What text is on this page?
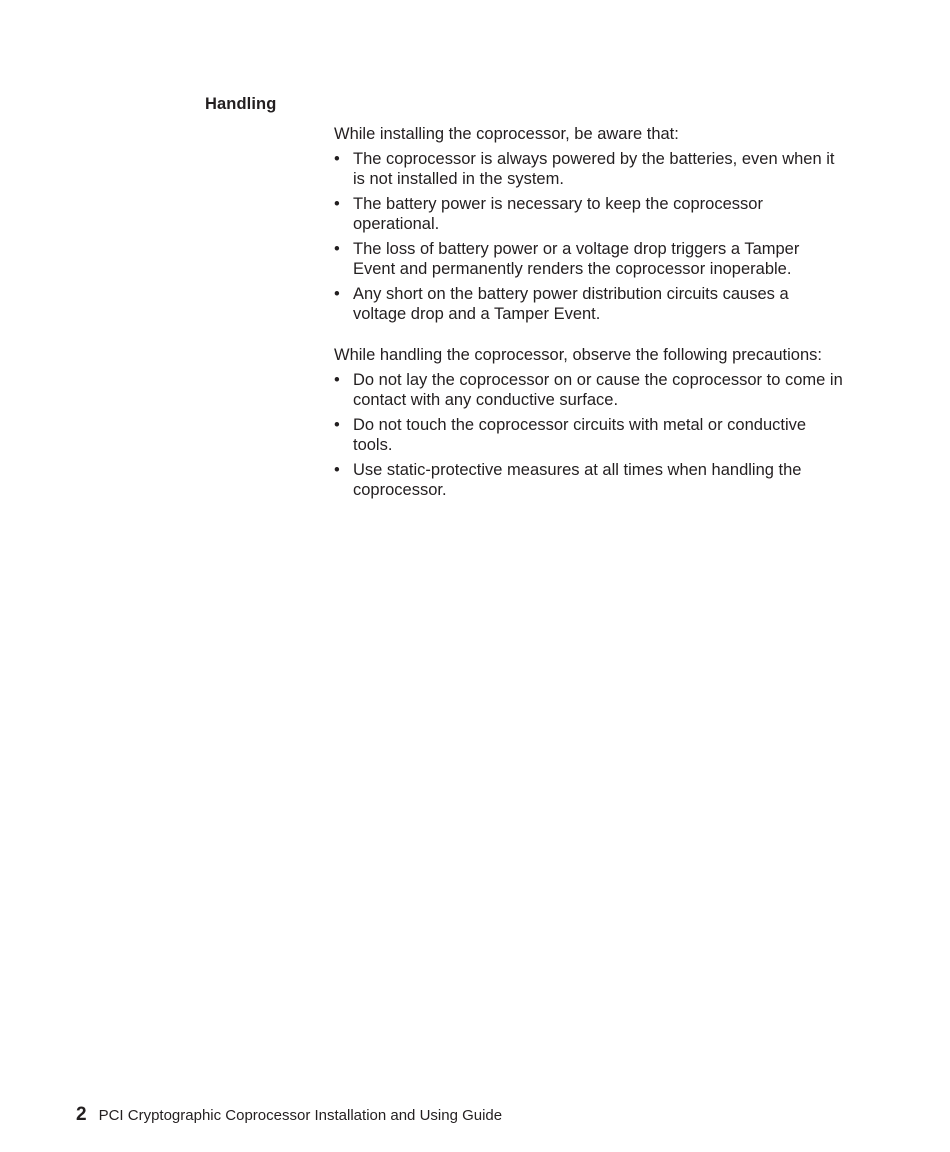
Handling

While installing the coprocessor, be aware that:

• The coprocessor is always powered by the batteries, even when it is not installed in the system.
• The battery power is necessary to keep the coprocessor operational.
• The loss of battery power or a voltage drop triggers a Tamper Event and permanently renders the coprocessor inoperable.
• Any short on the battery power distribution circuits causes a voltage drop and a Tamper Event.

While handling the coprocessor, observe the following precautions:

• Do not lay the coprocessor on or cause the coprocessor to come in contact with any conductive surface.
• Do not touch the coprocessor circuits with metal or conductive tools.
• Use static-protective measures at all times when handling the coprocessor.
2 PCI Cryptographic Coprocessor Installation and Using Guide
